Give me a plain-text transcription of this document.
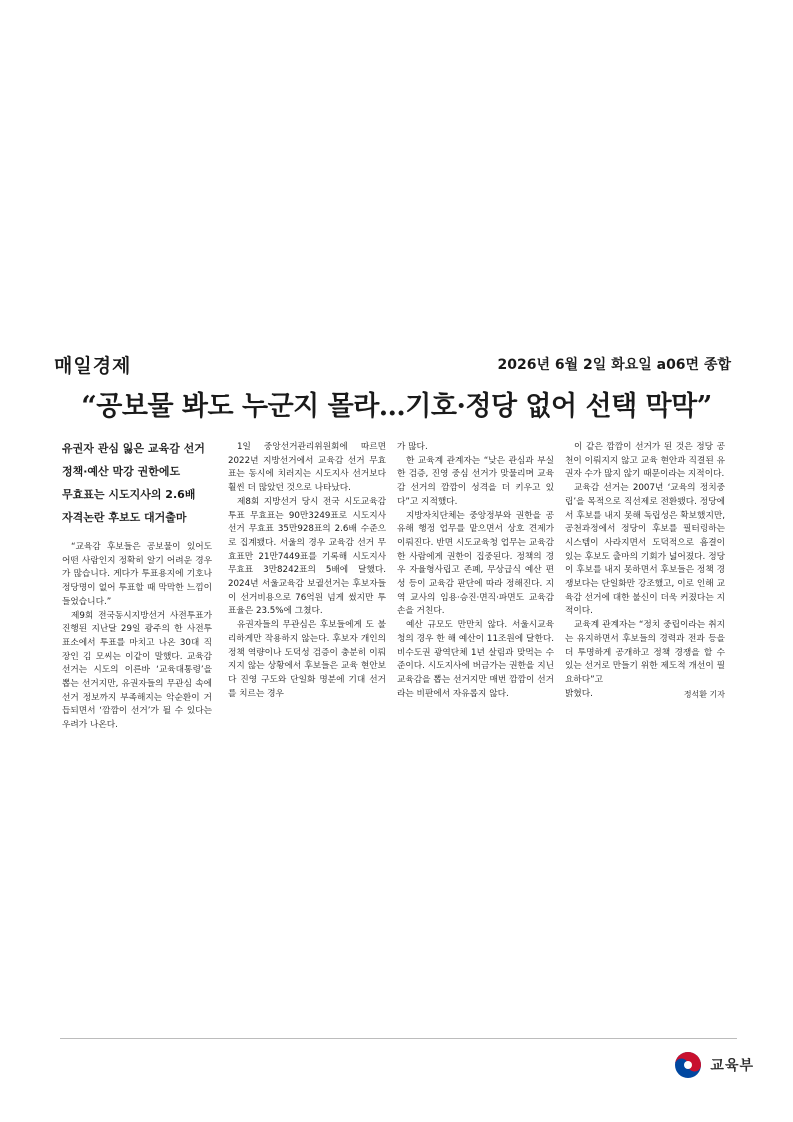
매일경제	2026년 6월 2일 화요일 a06면 종합
“공보물 봐도 누군지 몰라…기호·정당 없어 선택 막막”
유권자 관심 잃은 교육감 선거
정책·예산 막강 권한에도
무효표는 시도지사의 2.6배
자격논란 후보도 대거출마

“교육감 후보들은 공보물이 있어도 어떤 사람인지 정확히 알기 어려운 경우가 많습니다. 게다가 투표용지에 기호나 정당명이 없어 투표할 때 막막한 느낌이 들었습니다.”

제9회 전국동시지방선거 사전투표가 진행된 지난달 29일 광주의 한 사전투표소에서 투표를 마치고 나온 30대 직장인 김 모씨는 이같이 말했다. 교육감 선거는 시도의 이른바 ‘교육대통령’을 뽑는 선거지만, 유권자들의 무관심 속에 선거 정보까지 부족해지는 악순환이 거듭되면서 ‘깜깜이 선거’가 될 수 있다는 우려가 나온다.

1일 중앙선거관리위원회에 따르면 2022년 지방선거에서 교육감 선거 무효표는 동시에 치러지는 시도지사 선거보다 훨씬 더 많았던 것으로 나타났다.

제8회 지방선거 당시 전국 시도교육감 투표 무효표는 90만3249표로 시도지사 선거 무효표 35만928표의 2.6배 수준으로 집계됐다. 서울의 경우 교육감 선거 무효표만 21만7449표를 기록해 시도지사 무효표 3만8242표의 5배에 달했다. 2024년 서울교육감 보궐선거는 후보자들이 선거비용으로 76억원 넘게 썼지만 투표율은 23.5%에 그쳤다.

유권자들의 무관심은 후보들에게 도 불리하게만 작용하지 않는다. 후보자 개인의 정책 역량이나 도덕성 검증이 충분히 이뤄지지 않는 상황에서 후보들은 교육 현안보다 진영 구도와 단일화 명분에 기대 선거를 치르는 경우

가 많다.

한 교육계 관계자는 “낮은 관심과 부실한 검증, 진영 중심 선거가 맞물리며 교육감 선거의 깜깜이 성격을 더 키우고 있다”고 지적했다.

지방자치단체는 중앙정부와 권한을 공유해 행정 업무를 맡으면서 상호 견제가 이뤄진다. 반면 시도교육청 업무는 교육감 한 사람에게 권한이 집중된다. 정책의 경우 자율형사립고 존폐, 무상급식 예산 편성 등이 교육감 판단에 따라 정해진다. 지역 교사의 임용·승진·면직·파면도 교육감 손을 거친다.

예산 규모도 만만치 않다. 서울시교육청의 경우 한 해 예산이 11조원에 달한다. 비수도권 광역단체 1년 살림과 맞먹는 수준이다. 시도지사에 버금가는 권한을 지닌 교육감을 뽑는 선거지만 매번 깜깜이 선거라는 비판에서 자유롭지 않다.

이 같은 깜깜이 선거가 된 것은 정당 공천이 이뤄지지 않고 교육 현안과 직결된 유권자 수가 많지 않기 때문이라는 지적이다.

교육감 선거는 2007년 ‘교육의 정치중립’을 목적으로 직선제로 전환됐다. 정당에서 후보를 내지 못해 독립성은 확보했지만, 공천과정에서 정당이 후보를 필터링하는 시스템이 사라지면서 도덕적으로 흠결이 있는 후보도 출마의 기회가 넓어졌다. 정당이 후보를 내지 못하면서 후보들은 정책 경쟁보다는 단일화만 강조했고, 이로 인해 교육감 선거에 대한 불신이 더욱 커졌다는 지적이다.

교육계 관계자는 “정치 중립이라는 취지는 유지하면서 후보들의 경력과 전과 등을 더 투명하게 공개하고 정책 경쟁을 할 수 있는 선거로 만들기 위한 제도적 개선이 필요하다”고

밝혔다.	정석환 기자
교육부
